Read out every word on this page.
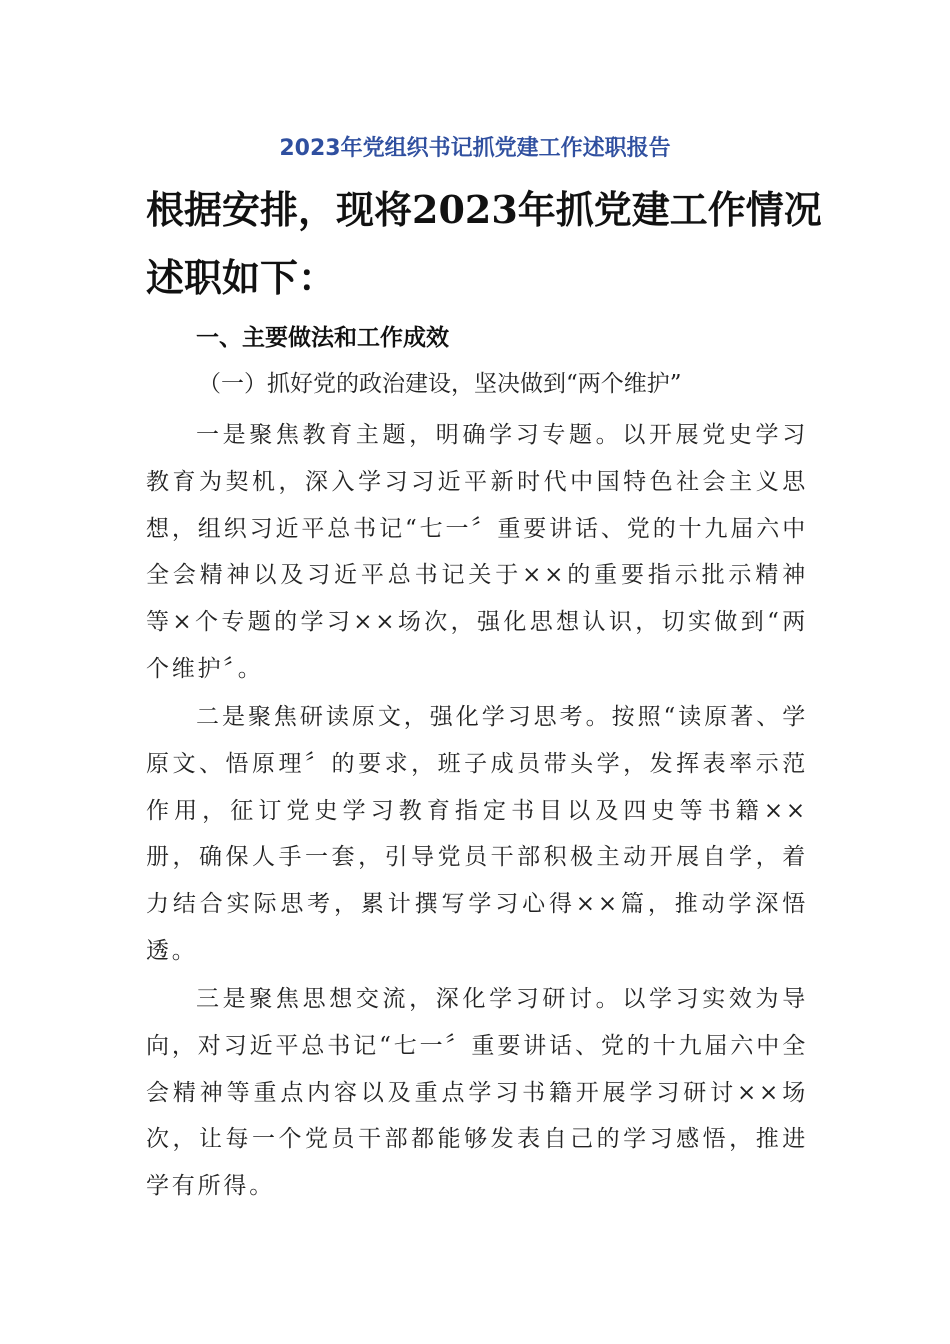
2023年党组织书记抓党建工作述职报告

根据安排，现将2023年抓党建工作情况述职如下：

一、主要做法和工作成效
（一）抓好党的政治建设，坚决做到“两个维护”

一是聚焦教育主题，明确学习专题。以开展党史学习教育为契机，深入学习习近平新时代中国特色社会主义思想，组织习近平总书记“七一〞重要讲话、党的十九届六中全会精神以及习近平总书记关于××的重要指示批示精神等×个专题的学习××场次，强化思想认识，切实做到“两个维护〞。

二是聚焦研读原文，强化学习思考。按照“读原著、学原文、悟原理〞的要求，班子成员带头学，发挥表率示范作用，征订党史学习教育指定书目以及四史等书籍××册，确保人手一套，引导党员干部积极主动开展自学，着力结合实际思考，累计撰写学习心得××篇，推动学深悟透。

三是聚焦思想交流，深化学习研讨。以学习实效为导向，对习近平总书记“七一〞重要讲话、党的十九届六中全会精神等重点内容以及重点学习书籍开展学习研讨××场次，让每一个党员干部都能够发表自己的学习感悟，推进学有所得。
